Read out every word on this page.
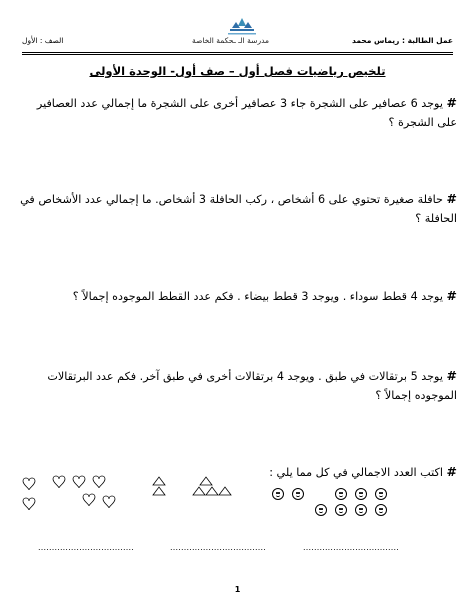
عمل الطالبة : ريماس محمد
مدرسة الـ ـحكمة الخاصة
الصف : الأول
تلخيص رياضيات فصل أول – صف أول- الوحدة الأولى
# يوجد 6 عصافير على الشجرة جاء 3 عصافير أخرى على الشجرة ما إجمالي عدد العصافير على الشجرة ؟
# حافلة صغيرة تحتوي على 6 أشخاص ، ركب الحافلة 3 أشخاص. ما إجمالي عدد الأشخاص في الحافلة ؟
# يوجد 4 قطط سوداء . ويوجد 3 قطط بيضاء . فكم عدد القطط الموجوده إجمالاً ؟
# يوجد 5 برتقالات في طبق . ويوجد 4 برتقالات أخرى في طبق آخر. فكم عدد البرتقالات الموجوده إجمالاً ؟
# اكتب العدد الاجمالي في كل مما يلي :
...................................	...................................	...................................
1
